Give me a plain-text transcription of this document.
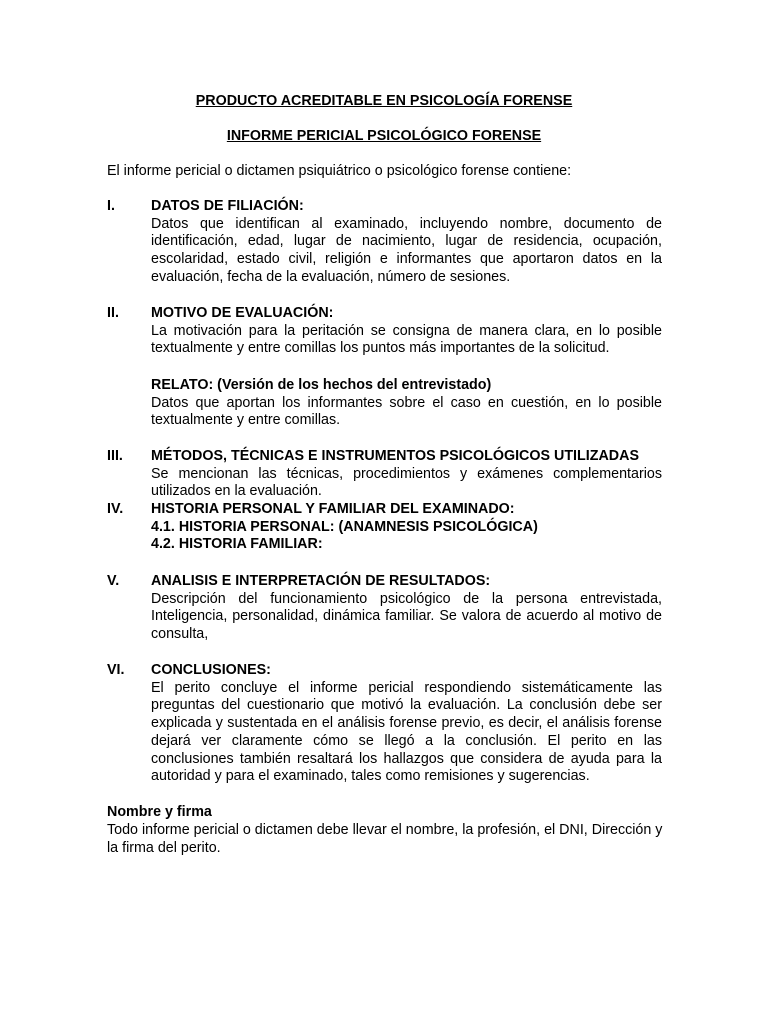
PRODUCTO ACREDITABLE EN PSICOLOGÍA FORENSE
INFORME PERICIAL PSICOLÓGICO FORENSE
El informe pericial o dictamen psiquiátrico o psicológico forense contiene:
I.	DATOS DE FILIACIÓN:
Datos que identifican al examinado, incluyendo nombre, documento de identificación, edad, lugar de nacimiento, lugar de residencia, ocupación, escolaridad, estado civil, religión e informantes que aportaron datos en la evaluación, fecha de la evaluación, número de sesiones.
II. MOTIVO DE EVALUACIÓN:
La motivación para la peritación se consigna de manera clara, en lo posible textualmente y entre comillas los puntos más importantes de la solicitud.
RELATO: (Versión de los hechos del entrevistado)
Datos que aportan los informantes sobre el caso en cuestión, en lo posible textualmente y entre comillas.
III. MÉTODOS, TÉCNICAS E INSTRUMENTOS PSICOLÓGICOS UTILIZADAS
Se mencionan las técnicas, procedimientos y exámenes complementarios utilizados en la evaluación.
IV. HISTORIA PERSONAL Y FAMILIAR DEL EXAMINADO:
4.1. HISTORIA PERSONAL: (ANAMNESIS PSICOLÓGICA)
4.2. HISTORIA FAMILIAR:
V. ANALISIS E INTERPRETACIÓN DE RESULTADOS:
Descripción del funcionamiento psicológico de la persona entrevistada, Inteligencia, personalidad, dinámica familiar. Se valora de acuerdo al motivo de consulta,
VI. CONCLUSIONES:
El perito concluye el informe pericial respondiendo sistemáticamente las preguntas del cuestionario que motivó la evaluación. La conclusión debe ser explicada y sustentada en el análisis forense previo, es decir, el análisis forense dejará ver claramente cómo se llegó a la conclusión. El perito en las conclusiones también resaltará los hallazgos que considera de ayuda para la autoridad y para el examinado, tales como remisiones y sugerencias.
Nombre y firma
Todo informe pericial o dictamen debe llevar el nombre, la profesión, el DNI, Dirección y la firma del perito.
